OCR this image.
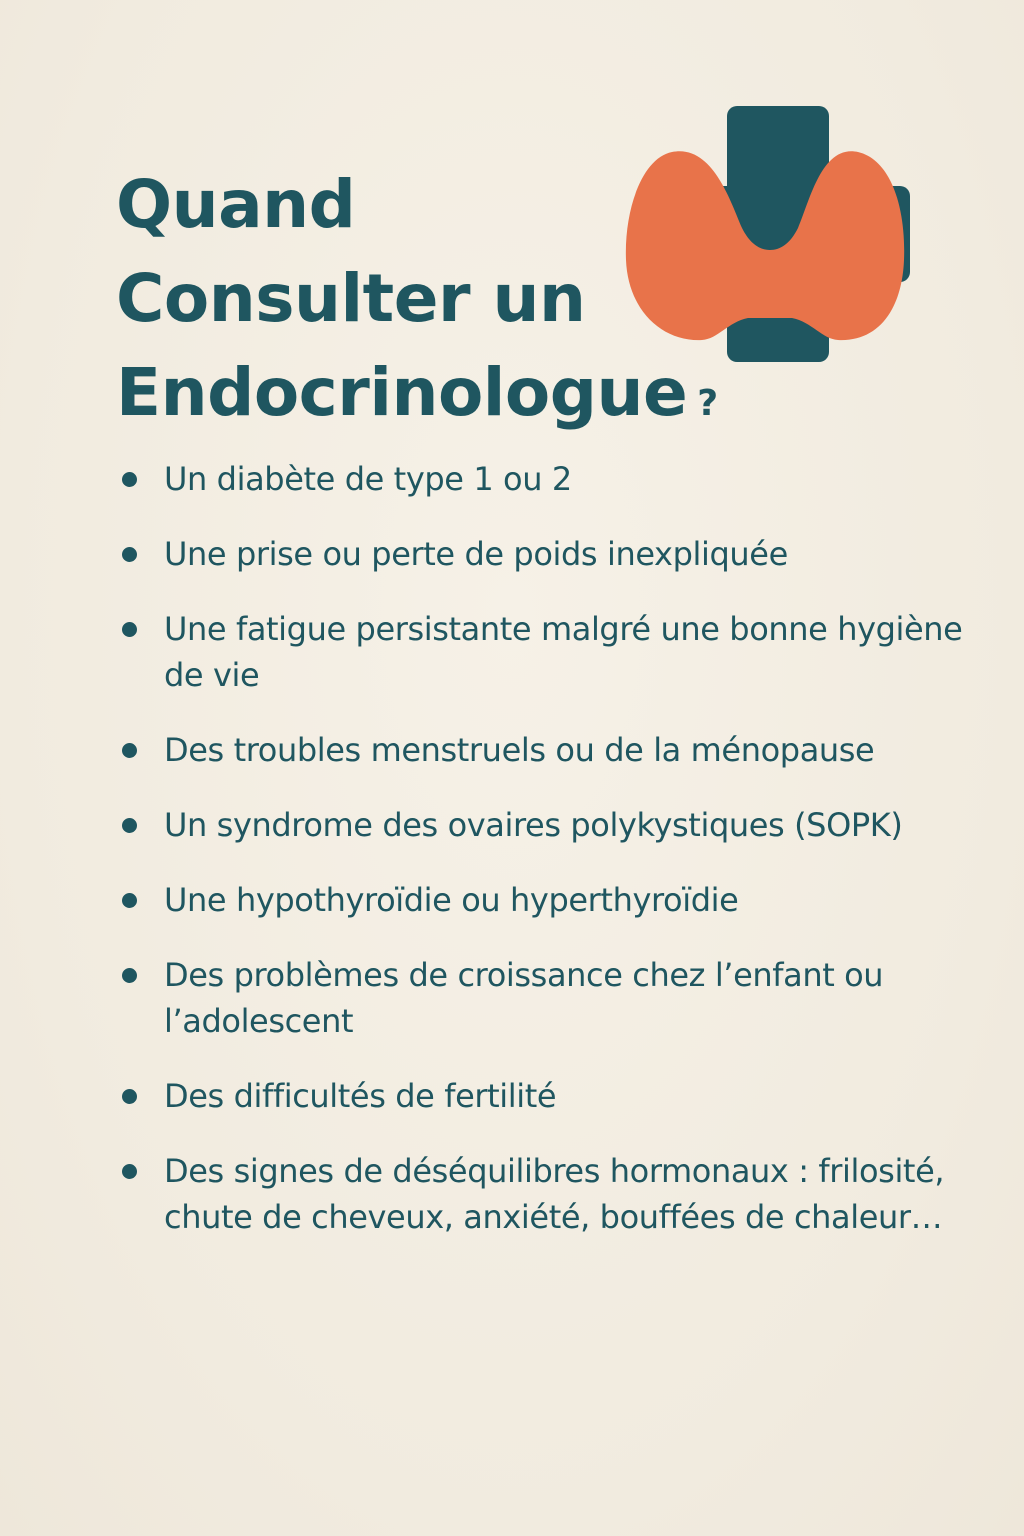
Quand
Consulter un
Endocrinologue ?
Un diabète de type 1 ou 2
Une prise ou perte de poids inexpliquée
Une fatigue persistante malgré une bonne hygiène de vie
Des troubles menstruels ou de la ménopause
Un syndrome des ovaires polykystiques (SOPK)
Une hypothyroïdie ou hyperthyroïdie
Des problèmes de croissance chez l’enfant ou l’adolescent
Des difficultés de fertilité
Des signes de déséquilibres hormonaux : frilosité, chute de cheveux, anxiété, bouffées de chaleur…
